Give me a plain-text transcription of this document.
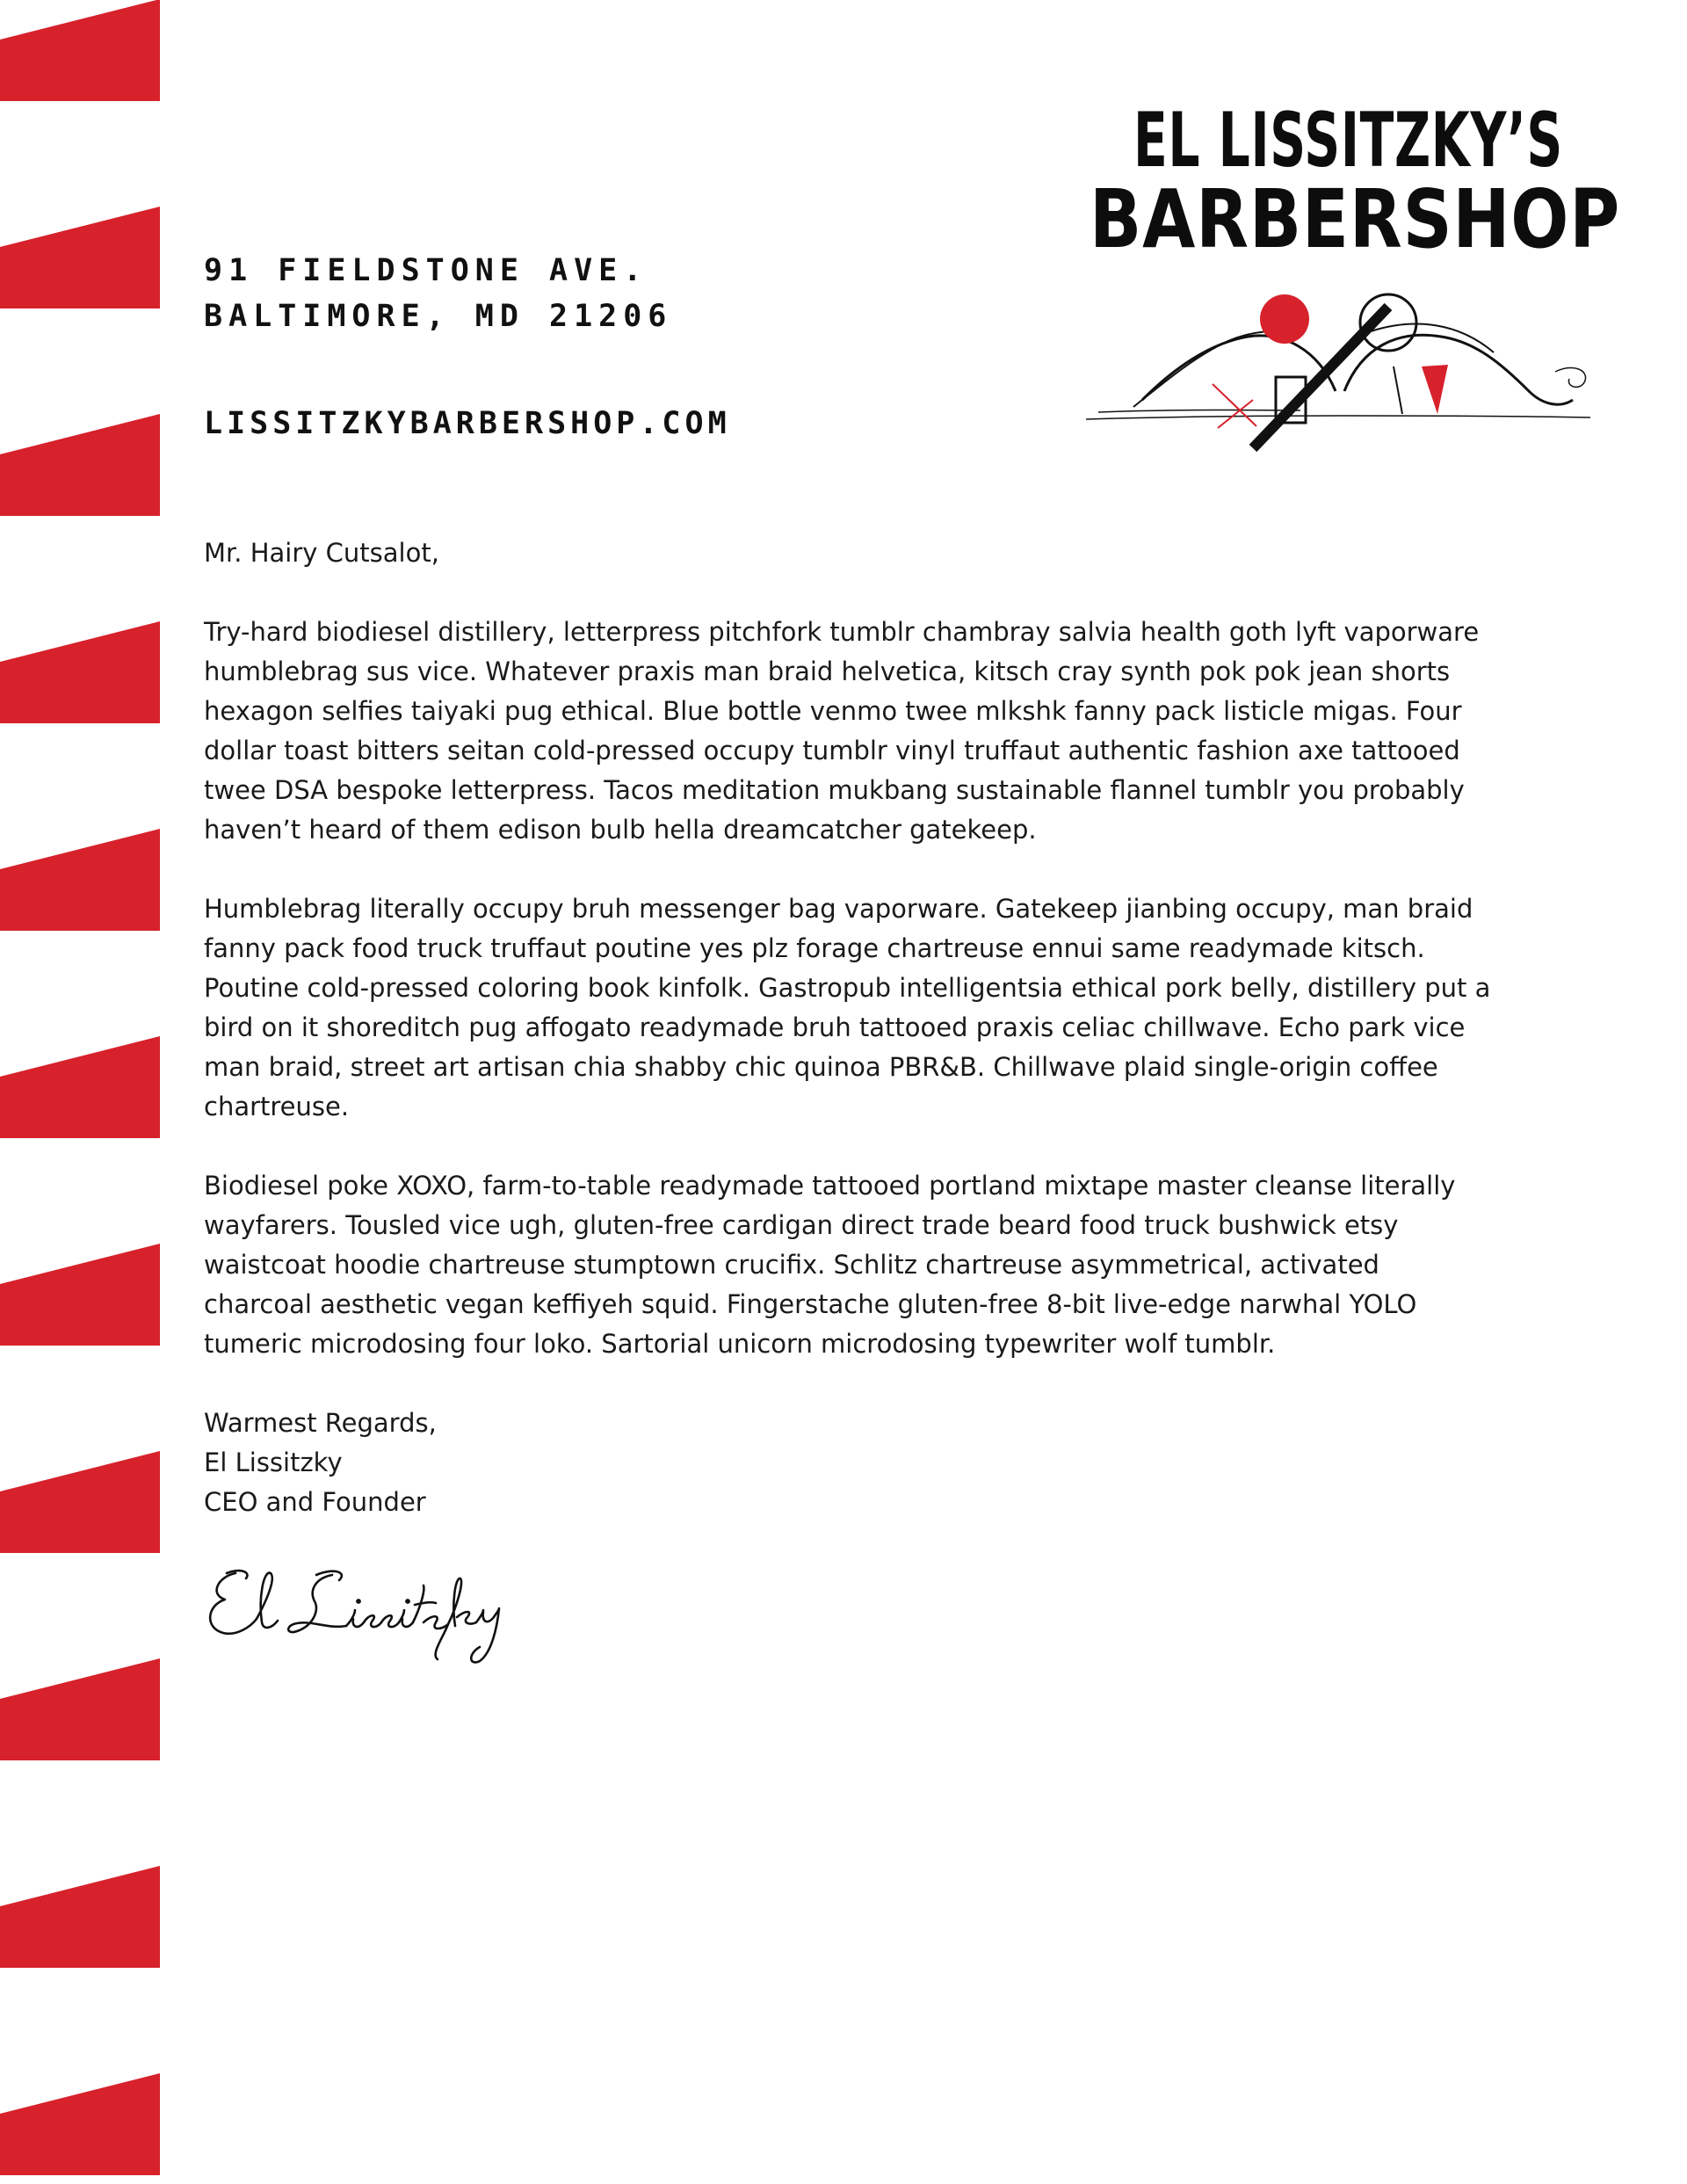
91 FIELDSTONE AVE.
BALTIMORE, MD 21206
LISSITZKYBARBERSHOP.COM
EL LISSITZKY’S
BARBERSHOP

Mr. Hairy Cutsalot,

Try-hard biodiesel distillery, letterpress pitchfork tumblr chambray salvia health goth lyft vaporware humblebrag sus vice. Whatever praxis man braid helvetica, kitsch cray synth pok pok jean shorts hexagon selfies taiyaki pug ethical. Blue bottle venmo twee mlkshk fanny pack listicle migas. Four dollar toast bitters seitan cold-pressed occupy tumblr vinyl truffaut authentic fashion axe tattooed twee DSA bespoke letterpress. Tacos meditation mukbang sustainable flannel tumblr you probably haven’t heard of them edison bulb hella dreamcatcher gatekeep.

Humblebrag literally occupy bruh messenger bag vaporware. Gatekeep jianbing occupy, man braid fanny pack food truck truffaut poutine yes plz forage chartreuse ennui same readymade kitsch. Poutine cold-pressed coloring book kinfolk. Gastropub intelligentsia ethical pork belly, distillery put a bird on it shoreditch pug affogato readymade bruh tattooed praxis celiac chillwave. Echo park vice man braid, street art artisan chia shabby chic quinoa PBR&B. Chillwave plaid single-origin coffee chartreuse.

Biodiesel poke XOXO, farm-to-table readymade tattooed portland mixtape master cleanse literally wayfarers. Tousled vice ugh, gluten-free cardigan direct trade beard food truck bushwick etsy waistcoat hoodie chartreuse stumptown crucifix. Schlitz chartreuse asymmetrical, activated charcoal aesthetic vegan keffiyeh squid. Fingerstache gluten-free 8-bit live-edge narwhal YOLO tumeric microdosing four loko. Sartorial unicorn microdosing typewriter wolf tumblr.

Warmest Regards,

El Lissitzky

CEO and Founder
